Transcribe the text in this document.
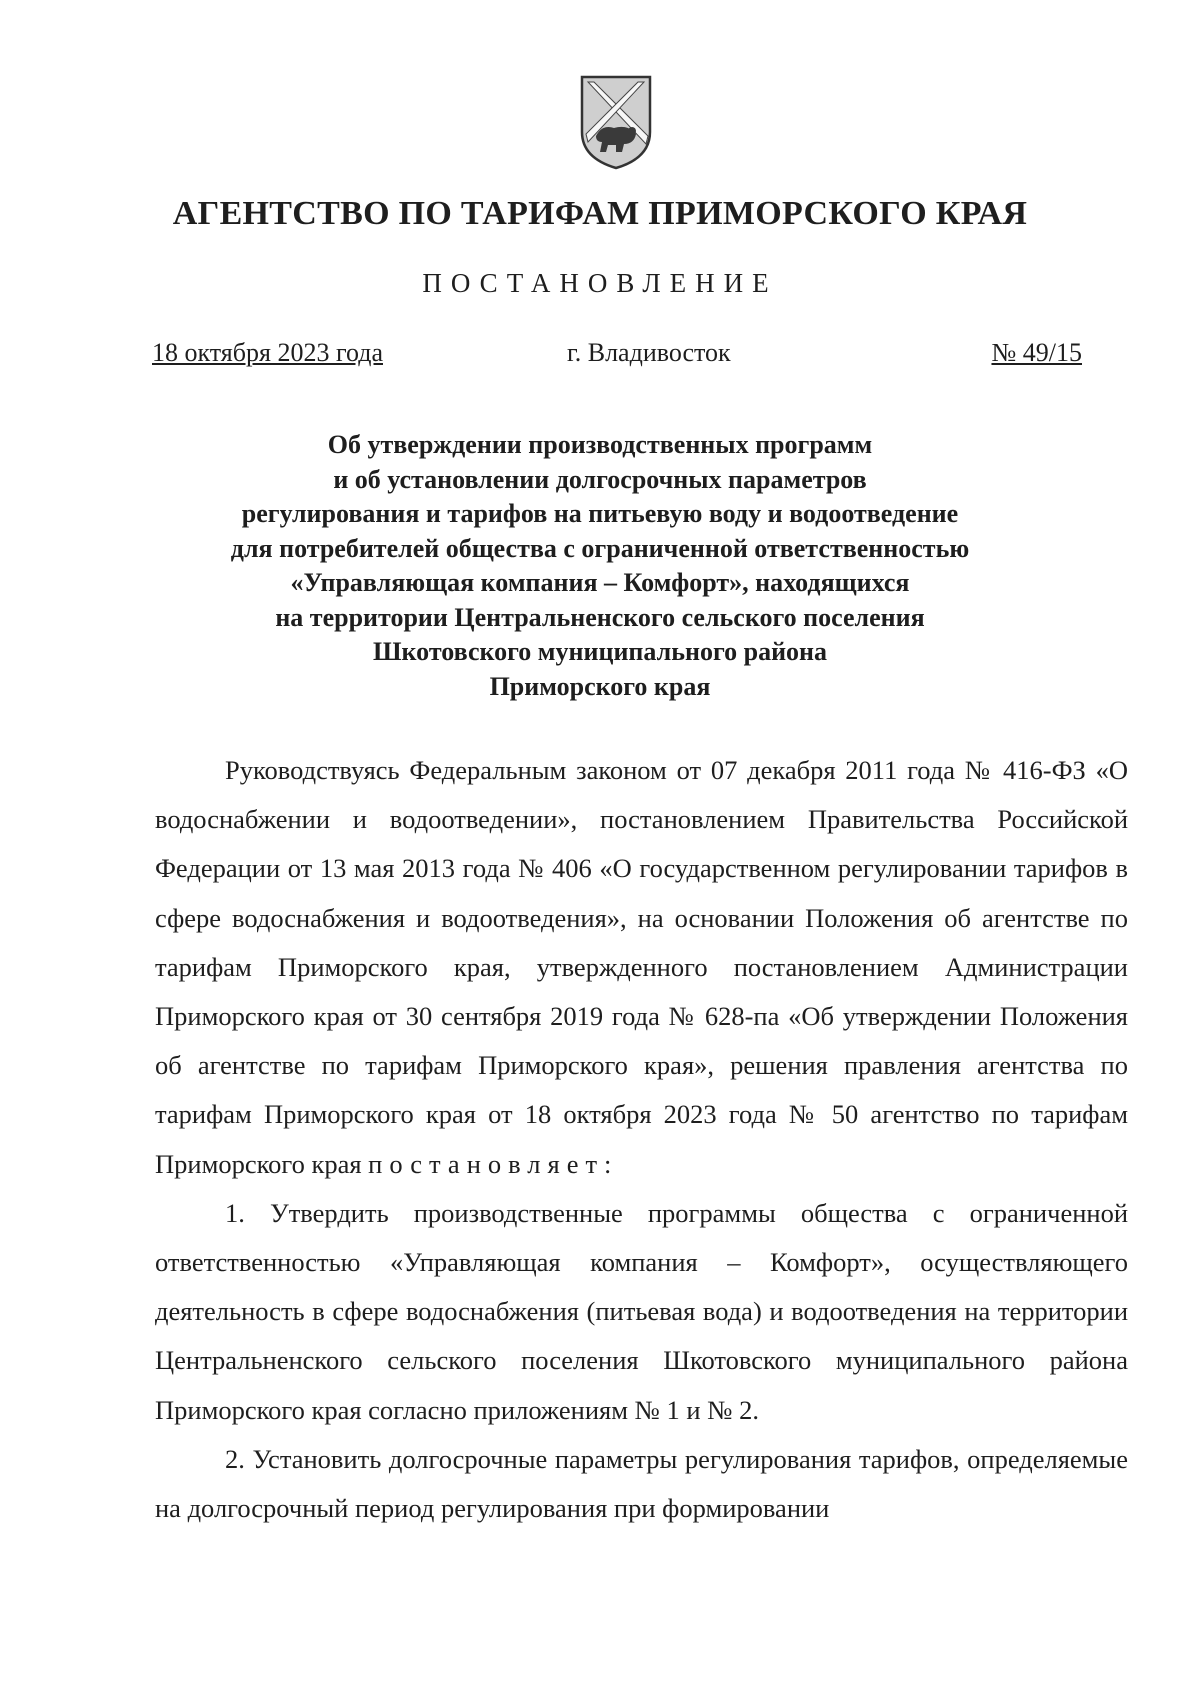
АГЕНТСТВО ПО ТАРИФАМ ПРИМОРСКОГО КРАЯ
ПОСТАНОВЛЕНИЕ
18 октября 2023 года	г. Владивосток	№ 49/15
Об утверждении производственных программ
и об установлении долгосрочных параметров
регулирования и тарифов на питьевую воду и водоотведение
для потребителей общества с ограниченной ответственностью
«Управляющая компания – Комфорт», находящихся
на территории Центральненского сельского поселения
Шкотовского муниципального района
Приморского края

Руководствуясь Федеральным законом от 07 декабря 2011 года № 416-ФЗ «О водоснабжении и водоотведении», постановлением Правительства Российской Федерации от 13 мая 2013 года № 406 «О государственном регулировании тарифов в сфере водоснабжения и водоотведения», на основании Положения об агентстве по тарифам Приморского края, утвержденного постановлением Администрации Приморского края от 30 сентября 2019 года № 628-па «Об утверждении Положения об агентстве по тарифам Приморского края», решения правления агентства по тарифам Приморского края от 18 октября 2023 года № 50 агентство по тарифам Приморского края постановляет:

1. Утвердить производственные программы общества с ограниченной ответственностью «Управляющая компания – Комфорт», осуществляющего деятельность в сфере водоснабжения (питьевая вода) и водоотведения на территории Центральненского сельского поселения Шкотовского муниципального района Приморского края согласно приложениям № 1 и № 2.

2. Установить долгосрочные параметры регулирования тарифов, определяемые на долгосрочный период регулирования при формировании
